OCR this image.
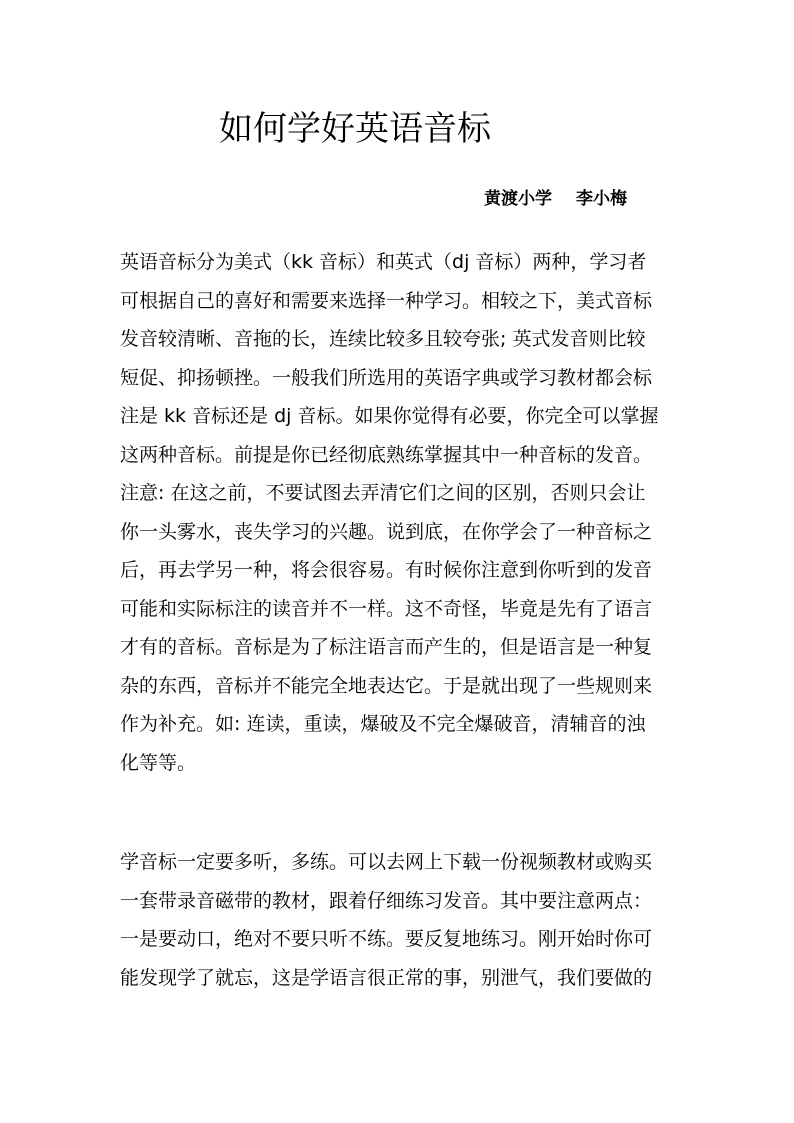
如何学好英语音标
黄渡小学 李小梅
英语音标分为美式（kk 音标）和英式（dj 音标）两种，学习者
可根据自己的喜好和需要来选择一种学习。相较之下，美式音标
发音较清晰、音拖的长，连续比较多且较夸张; 英式发音则比较
短促、抑扬顿挫。一般我们所选用的英语字典或学习教材都会标
注是 kk 音标还是 dj 音标。如果你觉得有必要，你完全可以掌握
这两种音标。前提是你已经彻底熟练掌握其中一种音标的发音。
注意: 在这之前，不要试图去弄清它们之间的区别，否则只会让
你一头雾水，丧失学习的兴趣。说到底，在你学会了一种音标之
后，再去学另一种，将会很容易。有时候你注意到你听到的发音
可能和实际标注的读音并不一样。这不奇怪，毕竟是先有了语言
才有的音标。音标是为了标注语言而产生的，但是语言是一种复
杂的东西，音标并不能完全地表达它。于是就出现了一些规则来
作为补充。如: 连读，重读，爆破及不完全爆破音，清辅音的浊
化等等。
学音标一定要多听，多练。可以去网上下载一份视频教材或购买
一套带录音磁带的教材，跟着仔细练习发音。其中要注意两点：
一是要动口，绝对不要只听不练。要反复地练习。刚开始时你可
能发现学了就忘，这是学语言很正常的事，别泄气，我们要做的
